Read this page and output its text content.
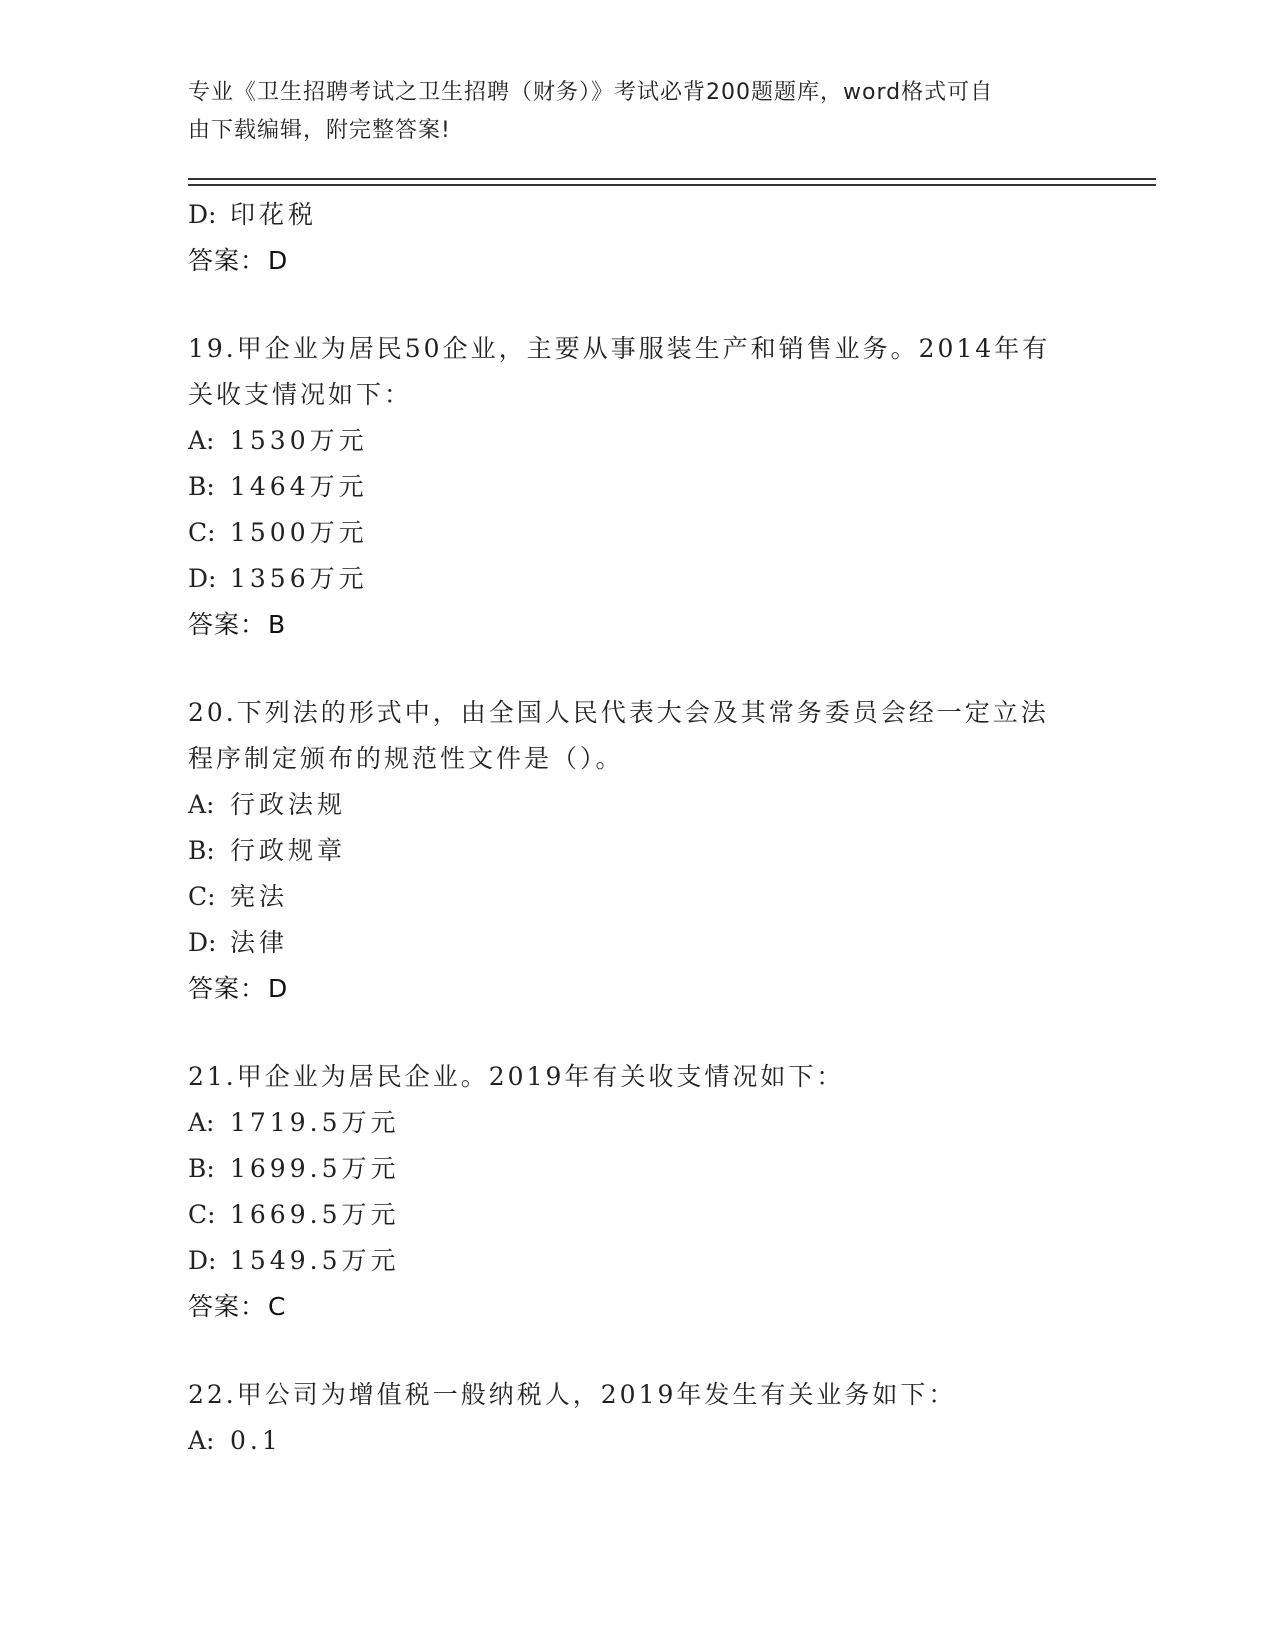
专业《卫生招聘考试之卫生招聘（财务）》考试必背200题题库，word格式可自
由下载编辑，附完整答案!
D: 印花税
答案：D
19.甲企业为居民50企业，主要从事服装生产和销售业务。2014年有
关收支情况如下：
A: 1530万元
B: 1464万元
C: 1500万元
D: 1356万元
答案：B
20.下列法的形式中，由全国人民代表大会及其常务委员会经一定立法
程序制定颁布的规范性文件是（）。
A: 行政法规
B: 行政规章
C: 宪法
D: 法律
答案：D
21.甲企业为居民企业。2019年有关收支情况如下：
A: 1719.5万元
B: 1699.5万元
C: 1669.5万元
D: 1549.5万元
答案：C
22.甲公司为增值税一般纳税人，2019年发生有关业务如下：
A: 0.1
